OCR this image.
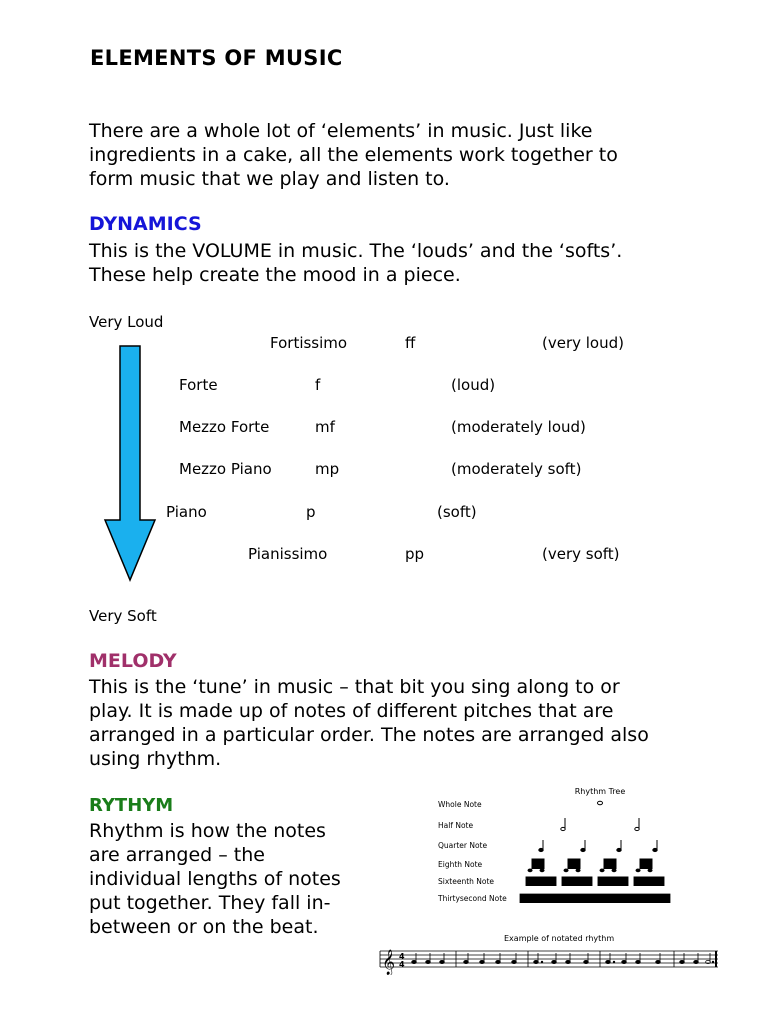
ELEMENTS OF MUSIC
There are a whole lot of ‘elements’ in music. Just like
ingredients in a cake, all the elements work together to
form music that we play and listen to.
DYNAMICS
This is the VOLUME in music. The ‘louds’ and the ‘softs’.
These help create the mood in a piece.
Very Loud
Fortissimo	ff	(very loud)
Forte	f	(loud)
Mezzo Forte	mf	(moderately loud)
Mezzo Piano	mp	(moderately soft)
Piano	p	(soft)
Pianissimo	pp	(very soft)
Very Soft
MELODY
This is the ‘tune’ in music – that bit you sing along to or
play. It is made up of notes of different pitches that are
arranged in a particular order. The notes are arranged also
using rhythm.
RYTHYM
Rhythm is how the notes
are arranged – the
individual lengths of notes
put together. They fall in-
between or on the beat.
Rhythm Tree
Whole Note
Half Note
Quarter Note
Eighth Note
Sixteenth Note
Thirtysecond Note
Example of notated rhythm
𝄞 4
4
